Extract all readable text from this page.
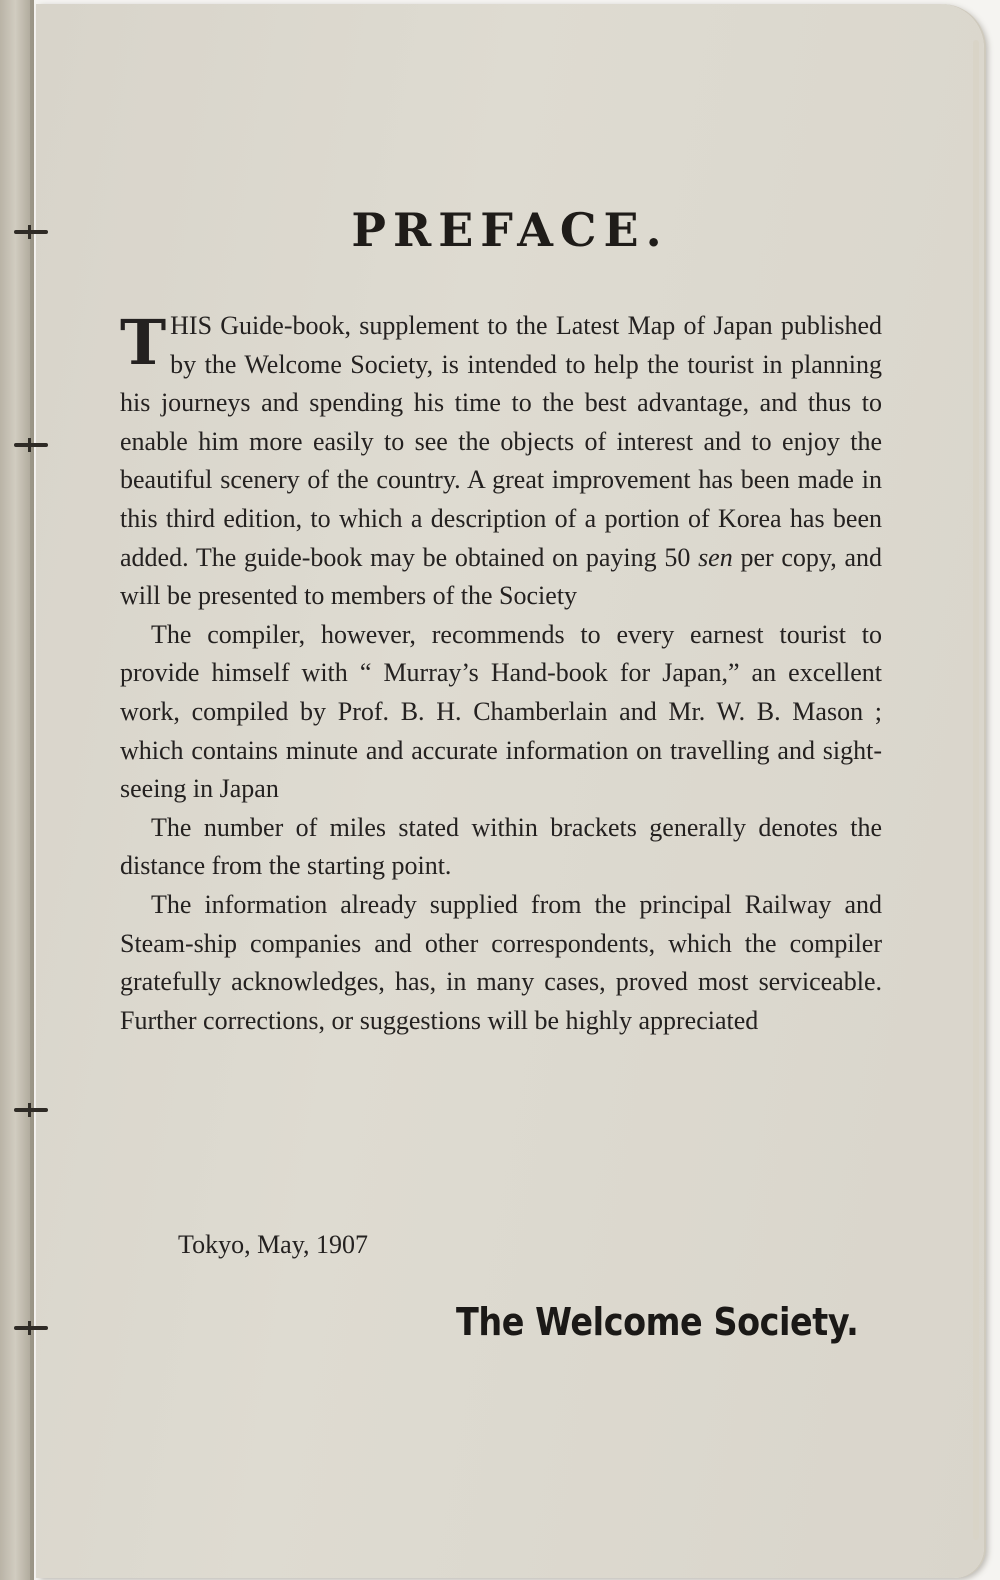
PREFACE.

THIS Guide-book, supplement to the Latest Map of Japan published by the Welcome Society, is intended to help the tourist in planning his journeys and spending his time to the best advantage, and thus to enable him more easily to see the objects of interest and to enjoy the beautiful scenery of the country. A great improvement has been made in this third edition, to which a description of a portion of Korea has been added. The guide-book may be obtained on paying 50 sen per copy, and will be presented to members of the Society

The compiler, however, recommends to every earnest tourist to provide himself with “ Murray’s Hand-book for Japan,” an excellent work, compiled by Prof. B. H. Chamberlain and Mr. W. B. Mason ; which contains minute and accurate information on travelling and sight-seeing in Japan

The number of miles stated within brackets generally denotes the distance from the starting point.

The information already supplied from the principal Railway and Steam-ship companies and other correspondents, which the compiler gratefully acknowledges, has, in many cases, proved most serviceable. Further corrections, or suggestions will be highly appreciated

Tokyo, May, 1907
The Welcome Society.
